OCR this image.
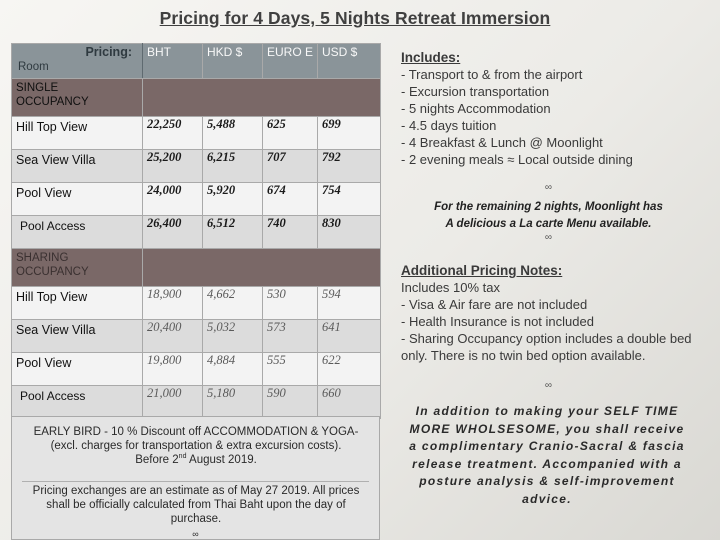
Pricing for 4 Days, 5 Nights Retreat Immersion
Pricing:
Room	BHT	HKD $	EURO E	USD $

SINGLE
OCCUPANCY				

Hill Top View	22,250	5,488	625	699
Sea View Villa	25,200	6,215	707	792
Pool View	24,000	5,920	674	754
Pool Access	26,400	6,512	740	830

SHARING
OCCUPANCY				

Hill Top View	18,900	4,662	530	594
Sea View Villa	20,400	5,032	573	641
Pool View	19,800	4,884	555	622
Pool Access	21,000	5,180	590	660
EARLY BIRD - 10 % Discount off ACCOMMODATION & YOGA-
(excl. charges for transportation & extra excursion costs).
Before 2nd August 2019.
Pricing exchanges are an estimate as of May 27 2019. All prices shall be officially calculated from Thai Baht upon the day of purchase.
∞
Includes:
- Transport to & from the airport
- Excursion transportation
- 5 nights Accommodation
- 4.5 days tuition
- 4 Breakfast & Lunch @ Moonlight
- 2 evening meals ≈ Local outside dining
∞
For the remaining 2 nights, Moonlight has
A delicious a La carte Menu available.
∞
Additional Pricing Notes:
Includes 10% tax
- Visa & Air fare are not included
- Health Insurance is not included
- Sharing Occupancy option includes a double bed only. There is no twin bed option available.
∞
In addition to making your SELF TIME MORE WHOLSESOME, you shall receive a complimentary Cranio-Sacral & fascia release treatment. Accompanied with a posture analysis & self-improvement advice.
